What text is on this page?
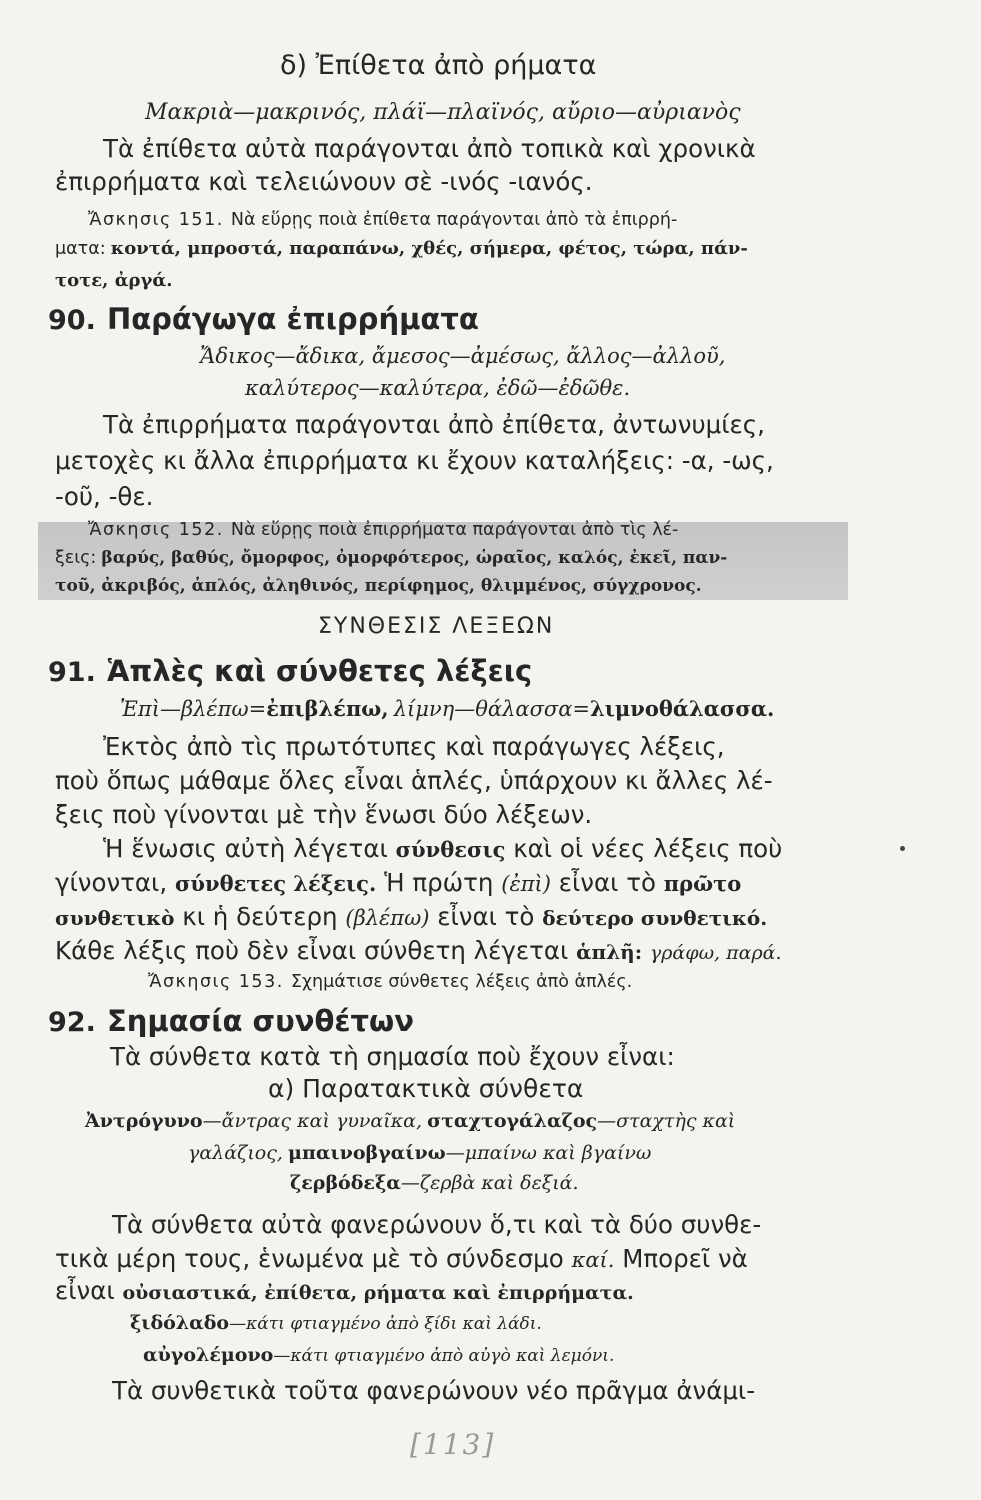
δ) Ἐπίθετα ἀπὸ ρήματα
Μακριὰ—μακρινός, πλάϊ—πλαϊνός, αὔριο—αὐριανὸς
Τὰ ἐπίθετα αὐτὰ παράγονται ἀπὸ τοπικὰ καὶ χρονικὰ
ἐπιρρήματα καὶ τελειώνουν σὲ -ινός -ιανός.
Ἄσκησις 151. Νὰ εὕρῃς ποιὰ ἐπίθετα παράγονται ἀπὸ τὰ ἐπιρρή-
ματα: κοντά, μπροστά, παραπάνω, χθές, σήμερα, φέτος, τώρα, πάν-
τοτε, ἀργά.
90. Παράγωγα ἐπιρρήματα
Ἄδικος—ἄδικα, ἄμεσος—ἀμέσως, ἄλλος—ἀλλοῦ,
καλύτερος—καλύτερα, ἐδῶ—ἐδῶθε.
Τὰ ἐπιρρήματα παράγονται ἀπὸ ἐπίθετα, ἀντωνυμίες,
μετοχὲς κι ἄλλα ἐπιρρήματα κι ἔχουν καταλήξεις: -α, -ως,
-οῦ, -θε.
Ἄσκησις 152. Νὰ εὕρῃς ποιὰ ἐπιρρήματα παράγονται ἀπὸ τὶς λέ-
ξεις: βαρύς, βαθύς, ὄμορφος, ὀμορφότερος, ὡραῖος, καλός, ἐκεῖ, παν-
τοῦ, ἀκριβός, ἁπλός, ἀληθινός, περίφημος, θλιμμένος, σύγχρονος.
ΣΥΝΘΕΣΙΣ ΛΕΞΕΩΝ
91. Ἁπλὲς καὶ σύνθετες λέξεις
Ἐπὶ—βλέπω=ἐπιβλέπω, λίμνη—θάλασσα=λιμνοθάλασσα.
Ἐκτὸς ἀπὸ τὶς πρωτότυπες καὶ παράγωγες λέξεις,
ποὺ ὅπως μάθαμε ὅλες εἶναι ἁπλές, ὑπάρχουν κι ἄλλες λέ-
ξεις ποὺ γίνονται μὲ τὴν ἕνωσι δύο λέξεων.
Ἡ ἕνωσις αὐτὴ λέγεται σύνθεσις καὶ οἱ νέες λέξεις ποὺ
γίνονται, σύνθετες λέξεις. Ἡ πρώτη (ἐπὶ) εἶναι τὸ πρῶτο
συνθετικὸ κι ἡ δεύτερη (βλέπω) εἶναι τὸ δεύτερο συνθετικό.
Κάθε λέξις ποὺ δὲν εἶναι σύνθετη λέγεται ἁπλῆ: γράφω, παρά.
Ἄσκησις 153. Σχημάτισε σύνθετες λέξεις ἀπὸ ἁπλές.
92. Σημασία συνθέτων
Τὰ σύνθετα κατὰ τὴ σημασία ποὺ ἔχουν εἶναι:
α) Παρατακτικὰ σύνθετα
Ἀντρόγυνο—ἄντρας καὶ γυναῖκα, σταχτογάλαζος—σταχτὴς καὶ
γαλάζιος, μπαινοβγαίνω—μπαίνω καὶ βγαίνω
ζερβόδεξα—ζερβὰ καὶ δεξιά.
Τὰ σύνθετα αὐτὰ φανερώνουν ὅ,τι καὶ τὰ δύο συνθε-
τικὰ μέρη τους, ἑνωμένα μὲ τὸ σύνδεσμο καί. Μπορεῖ νὰ
εἶναι οὐσιαστικά, ἐπίθετα, ρήματα καὶ ἐπιρρήματα.
ξιδόλαδο—κάτι φτιαγμένο ἀπὸ ξίδι καὶ λάδι.
αὐγολέμονο—κάτι φτιαγμένο ἀπὸ αὐγὸ καὶ λεμόνι.
Τὰ συνθετικὰ τοῦτα φανερώνουν νέο πρᾶγμα ἀνάμι-
[113]
